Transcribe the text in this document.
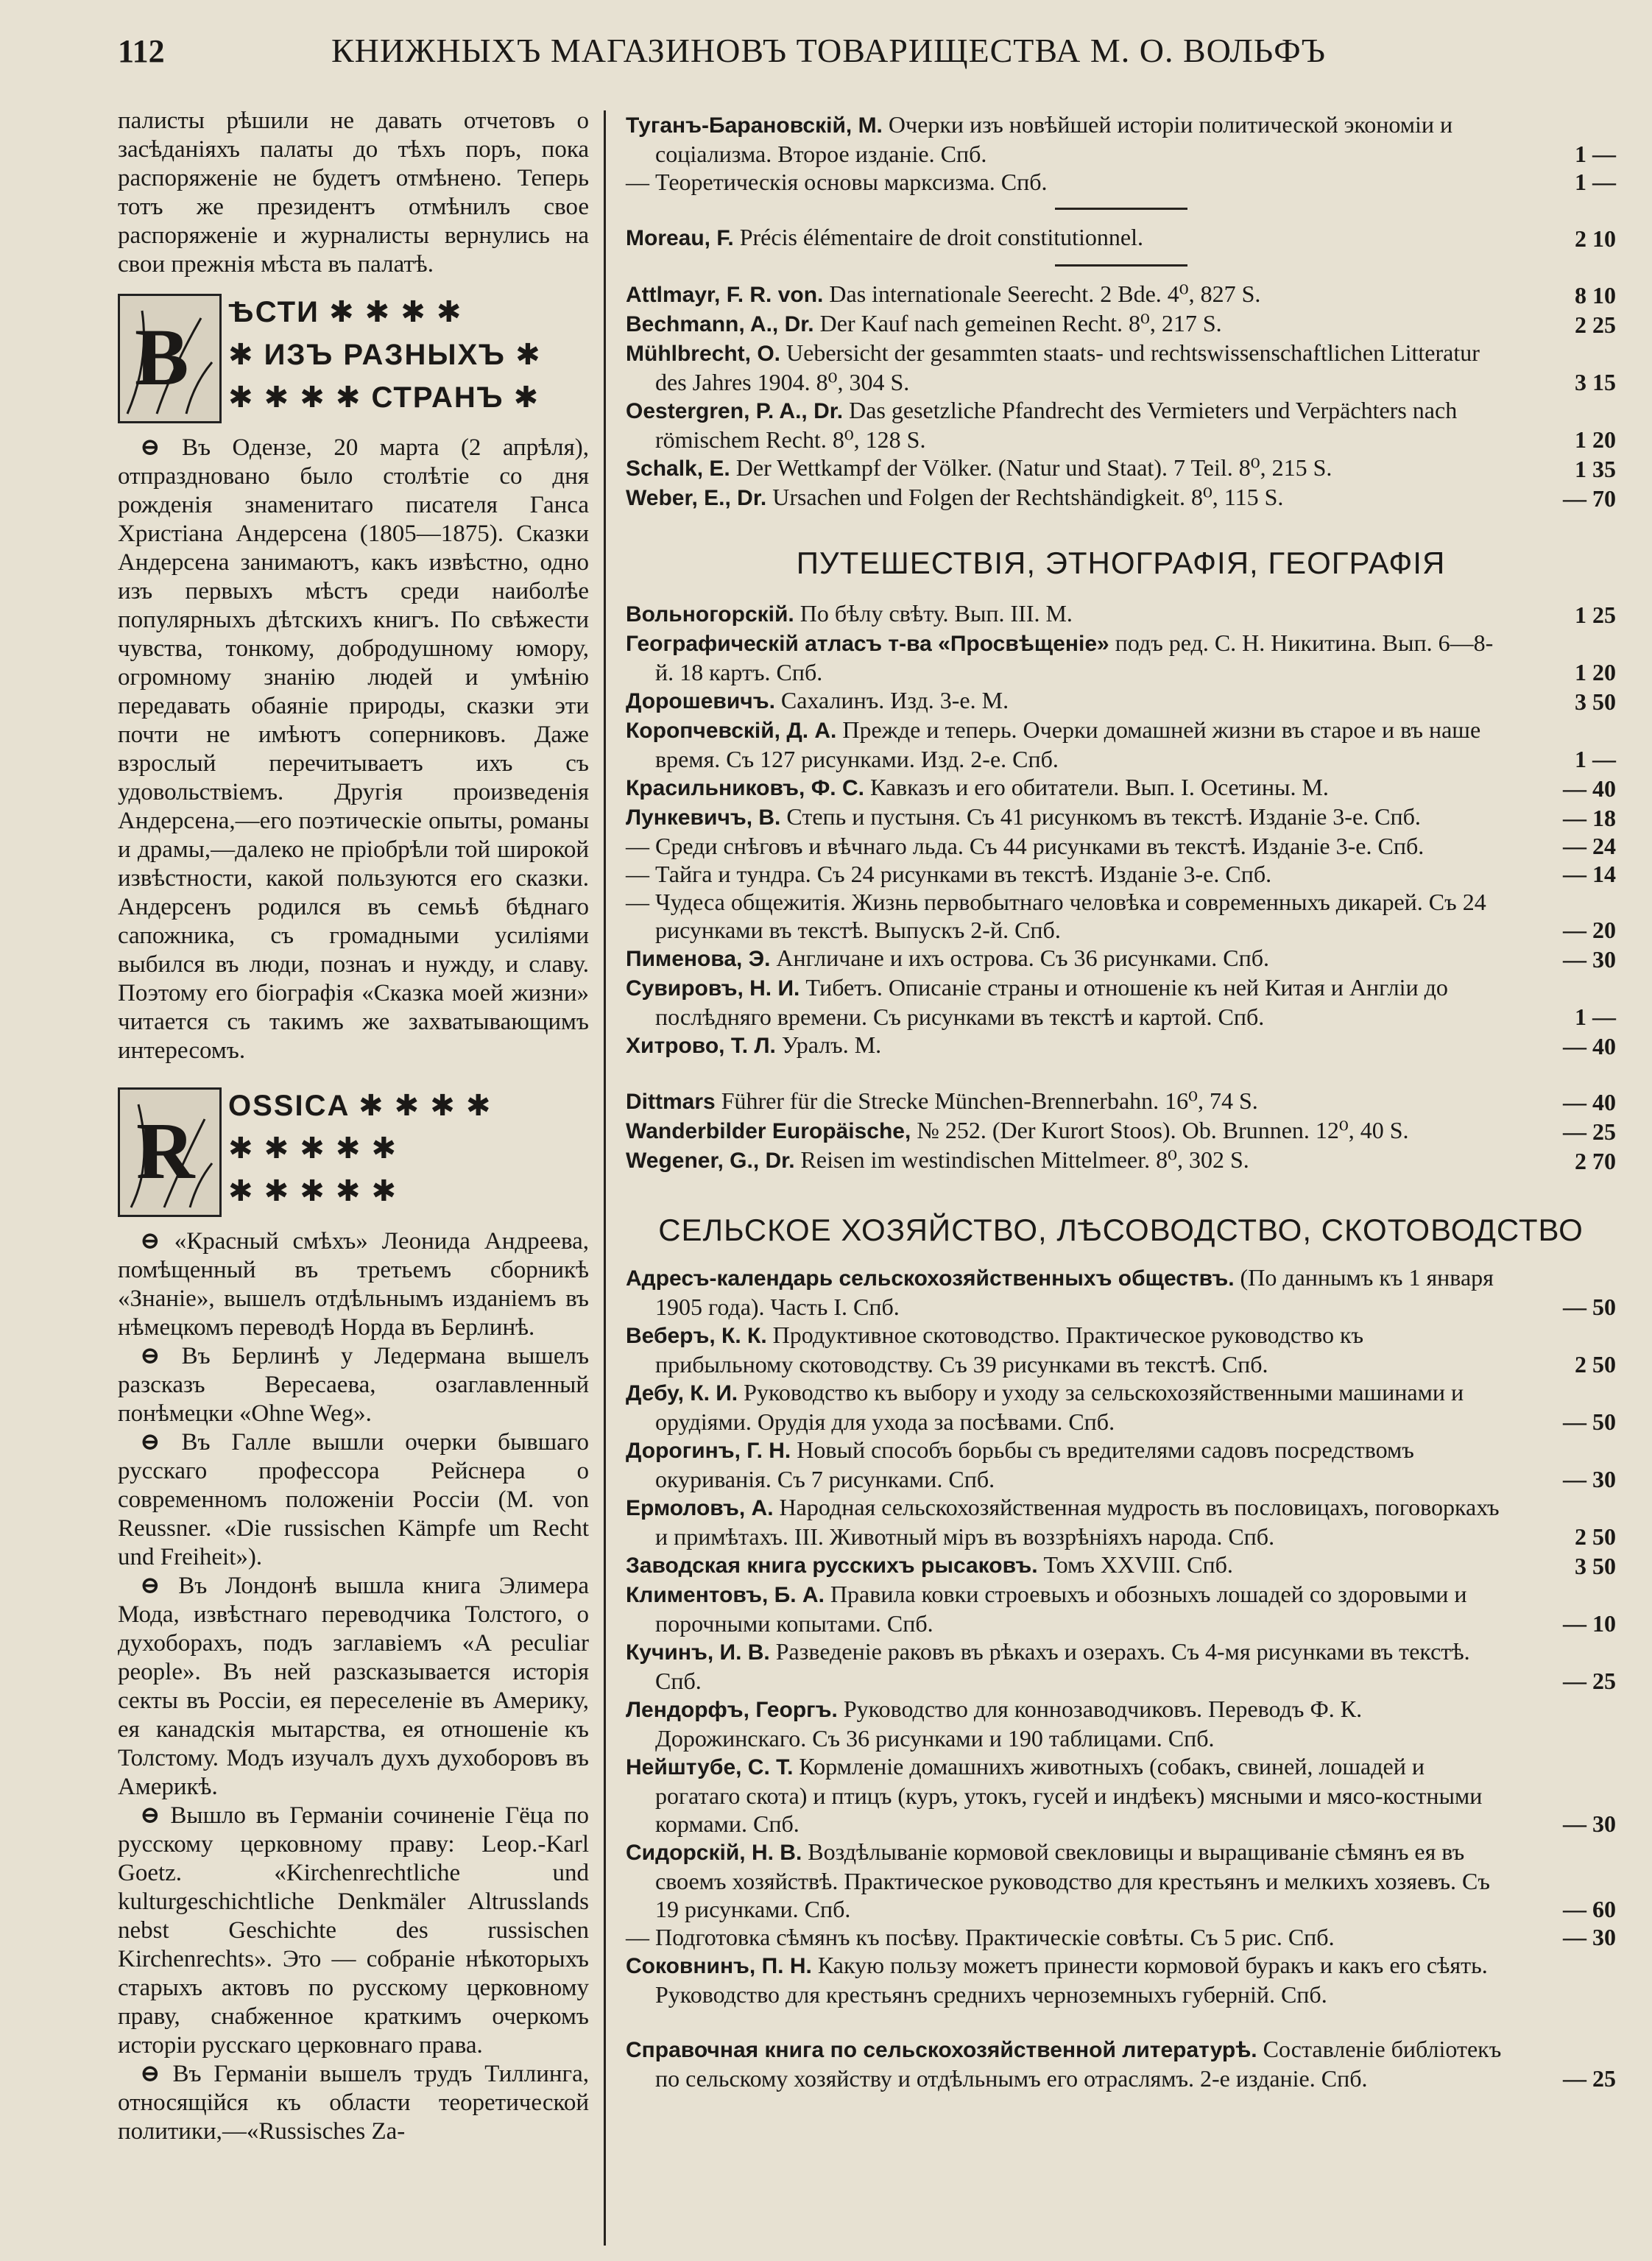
112	КНИЖНЫХЪ МАГАЗИНОВЪ ТОВАРИЩЕСТВА М. О. ВОЛЬФЪ

палисты рѣшили не давать отчетовъ о засѣданіяхъ палаты до тѣхъ поръ, пока распоряженіе не будетъ отмѣнено. Теперь тотъ же президентъ отмѣнилъ свое распоряженіе и журналисты вернулись на свои прежнія мѣста въ палатѣ.

В ѢСТИ ✱ ✱ ✱ ✱
✱ ИЗЪ РАЗНЫХЪ ✱
✱ ✱ ✱ ✱ СТРАНЪ ✱

⊖ Въ Одензе, 20 марта (2 апрѣля), отпраздновано было столѣтіе со дня рожденія знаменитаго писателя Ганса Христіана Андерсена (1805—1875). Сказки Андерсена занимаютъ, какъ извѣстно, одно изъ первыхъ мѣстъ среди наиболѣе популярныхъ дѣтскихъ книгъ. По свѣжести чувства, тонкому, добродушному юмору, огромному знанію людей и умѣнію передавать обаяніе природы, сказки эти почти не имѣютъ соперниковъ. Даже взрослый перечитываетъ ихъ съ удовольствіемъ. Другія произведенія Андерсена,—его поэтическіе опыты, романы и драмы,—далеко не пріобрѣли той широкой извѣстности, какой пользуются его сказки. Андерсенъ родился въ семьѣ бѣднаго сапожника, съ громадными усиліями выбился въ люди, познаъ и нужду, и славу. Поэтому его біографія «Сказка моей жизни» читается съ такимъ же захватывающимъ интересомъ.

R OSSICA ✱ ✱ ✱ ✱
✱ ✱ ✱ ✱ ✱
✱ ✱ ✱ ✱ ✱

⊖ «Красный смѣхъ» Леонида Андреева, помѣщенный въ третьемъ сборникѣ «Знаніе», вышелъ отдѣльнымъ изданіемъ въ нѣмецкомъ переводѣ Норда въ Берлинѣ.

⊖ Въ Берлинѣ у Ледермана вышелъ разсказъ Вересаева, озаглавленный понѣмецки «Ohne Weg».

⊖ Въ Галле вышли очерки бывшаго русскаго профессора Рейснера о современномъ положеніи Россіи (M. von Reussner. «Die russischen Kämpfe um Recht und Freiheit»).

⊖ Въ Лондонѣ вышла книга Элимера Мода, извѣстнаго переводчика Толстого, о духоборахъ, подъ заглавіемъ «A peculiar people». Въ ней разсказывается исторія секты въ Россіи, ея переселеніе въ Америку, ея канадскія мытарства, ея отношеніе къ Толстому. Модъ изучалъ духъ духоборовъ въ Америкѣ.

⊖ Вышло въ Германіи сочиненіе Гёца по русскому церковному праву: Leop.-Karl Goetz. «Kirchenrechtliche und kulturgeschichtliche Denkmäler Altrusslands nebst Geschichte des russischen Kirchenrechts». Это — собраніе нѣкоторыхъ старыхъ актовъ по русскому церковному праву, снабженное краткимъ очеркомъ исторіи русскаго церковнаго права.

⊖ Въ Германіи вышелъ трудъ Тиллинга, относящійся къ области теоретической политики,—«Russisches Za-

Туганъ-Барановскій, М. Очерки изъ новѣйшей исторіи политической экономіи и соціализма. Второе изданіе. Спб.	1 —

— Теоретическія основы марксизма. Спб.	1 —

Moreau, F. Précis élémentaire de droit constitutionnel.	2 10

Attlmayr, F. R. von. Das internationale Seerecht. 2 Bde. 4⁰, 827 S.	8 10

Bechmann, A., Dr. Der Kauf nach gemeinen Recht. 8⁰, 217 S.	2 25

Mühlbrecht, O. Uebersicht der gesammten staats- und rechtswissenschaftlichen Litteratur des Jahres 1904. 8⁰, 304 S.	3 15

Oestergren, P. A., Dr. Das gesetzliche Pfandrecht des Vermieters und Verpächters nach römischem Recht. 8⁰, 128 S.	1 20

Schalk, E. Der Wettkampf der Völker. (Natur und Staat). 7 Teil. 8⁰, 215 S.	1 35

Weber, E., Dr. Ursachen und Folgen der Rechtshändigkeit. 8⁰, 115 S.	— 70

ПУТЕШЕСТВІЯ, ЭТНОГРАФІЯ, ГЕОГРАФІЯ

Вольногорскій. По бѣлу свѣту. Вып. III. М.	1 25

Географическій атласъ т-ва «Просвѣщеніе» подъ ред. С. Н. Никитина. Вып. 6—8-й. 18 картъ. Спб.	1 20

Дорошевичъ. Сахалинъ. Изд. 3-е. М.	3 50

Коропчевскій, Д. А. Прежде и теперь. Очерки домашней жизни въ старое и въ наше время. Съ 127 рисунками. Изд. 2-е. Спб.	1 —

Красильниковъ, Ф. С. Кавказъ и его обитатели. Вып. I. Осетины. М.	— 40

Лункевичъ, В. Степь и пустыня. Съ 41 рисункомъ въ текстѣ. Изданіе 3-е. Спб.	— 18

— Среди снѣговъ и вѣчнаго льда. Съ 44 рисунками въ текстѣ. Изданіе 3-е. Спб.	— 24

— Тайга и тундра. Съ 24 рисунками въ текстѣ. Изданіе 3-е. Спб.	— 14

— Чудеса общежитія. Жизнь первобытнаго человѣка и современныхъ дикарей. Съ 24 рисунками въ текстѣ. Выпускъ 2-й. Спб.	— 20

Пименова, Э. Англичане и ихъ острова. Съ 36 рисунками. Спб.	— 30

Сувировъ, Н. И. Тибетъ. Описаніе страны и отношеніе къ ней Китая и Англіи до послѣдняго времени. Съ рисунками въ текстѣ и картой. Спб.	1 —

Хитрово, Т. Л. Уралъ. М.	— 40

Dittmars Führer für die Strecke München-Brennerbahn. 16⁰, 74 S.	— 40

Wanderbilder Europäische, № 252. (Der Kurort Stoos). Ob. Brunnen. 12⁰, 40 S.	— 25

Wegener, G., Dr. Reisen im westindischen Mittelmeer. 8⁰, 302 S.	2 70

СЕЛЬСКОЕ ХОЗЯЙСТВО, ЛѢСОВОДСТВО, СКОТОВОДСТВО

Адресъ-календарь сельскохозяйственныхъ обществъ. (По даннымъ къ 1 января 1905 года). Часть I. Спб.	— 50

Веберъ, К. К. Продуктивное скотоводство. Практическое руководство къ прибыльному скотоводству. Съ 39 рисунками въ текстѣ. Спб.	2 50

Дебу, К. И. Руководство къ выбору и уходу за сельскохозяйственными машинами и орудіями. Орудія для ухода за посѣвами. Спб.	— 50

Дорогинъ, Г. Н. Новый способъ борьбы съ вредителями садовъ посредствомъ окуриванія. Съ 7 рисунками. Спб.	— 30

Ермоловъ, А. Народная сельскохозяйственная мудрость въ пословицахъ, поговоркахъ и примѣтахъ. III. Животный міръ въ воззрѣніяхъ народа. Спб.	2 50

Заводская книга русскихъ рысаковъ. Томъ XXVIII. Спб.	3 50

Климентовъ, Б. А. Правила ковки строевыхъ и обозныхъ лошадей со здоровыми и порочными копытами. Спб.	— 10

Кучинъ, И. В. Разведеніе раковъ въ рѣкахъ и озерахъ. Съ 4-мя рисунками въ текстѣ. Спб.	— 25

Лендорфъ, Георгъ. Руководство для коннозаводчиковъ. Переводъ Ф. К. Дорожинскаго. Съ 36 рисунками и 190 таблицами. Спб.

Нейштубе, С. Т. Кормленіе домашнихъ животныхъ (собакъ, свиней, лошадей и рогатаго скота) и птицъ (куръ, утокъ, гусей и индѣекъ) мясными и мясо-костными кормами. Спб.	— 30

Сидорскій, Н. В. Воздѣлываніе кормовой свекловицы и выращиваніе сѣмянъ ея въ своемъ хозяйствѣ. Практическое руководство для крестьянъ и мелкихъ хозяевъ. Съ 19 рисунками. Спб.	— 60

— Подготовка сѣмянъ къ посѣву. Практическіе совѣты. Съ 5 рис. Спб.	— 30

Соковнинъ, П. Н. Какую пользу можетъ принести кормовой буракъ и какъ его сѣять. Руководство для крестьянъ среднихъ черноземныхъ губерній. Спб.

Справочная книга по сельскохозяйственной литературѣ. Составленіе библіотекъ по сельскому хозяйству и отдѣльнымъ его отраслямъ. 2-е изданіе. Спб.	— 25
